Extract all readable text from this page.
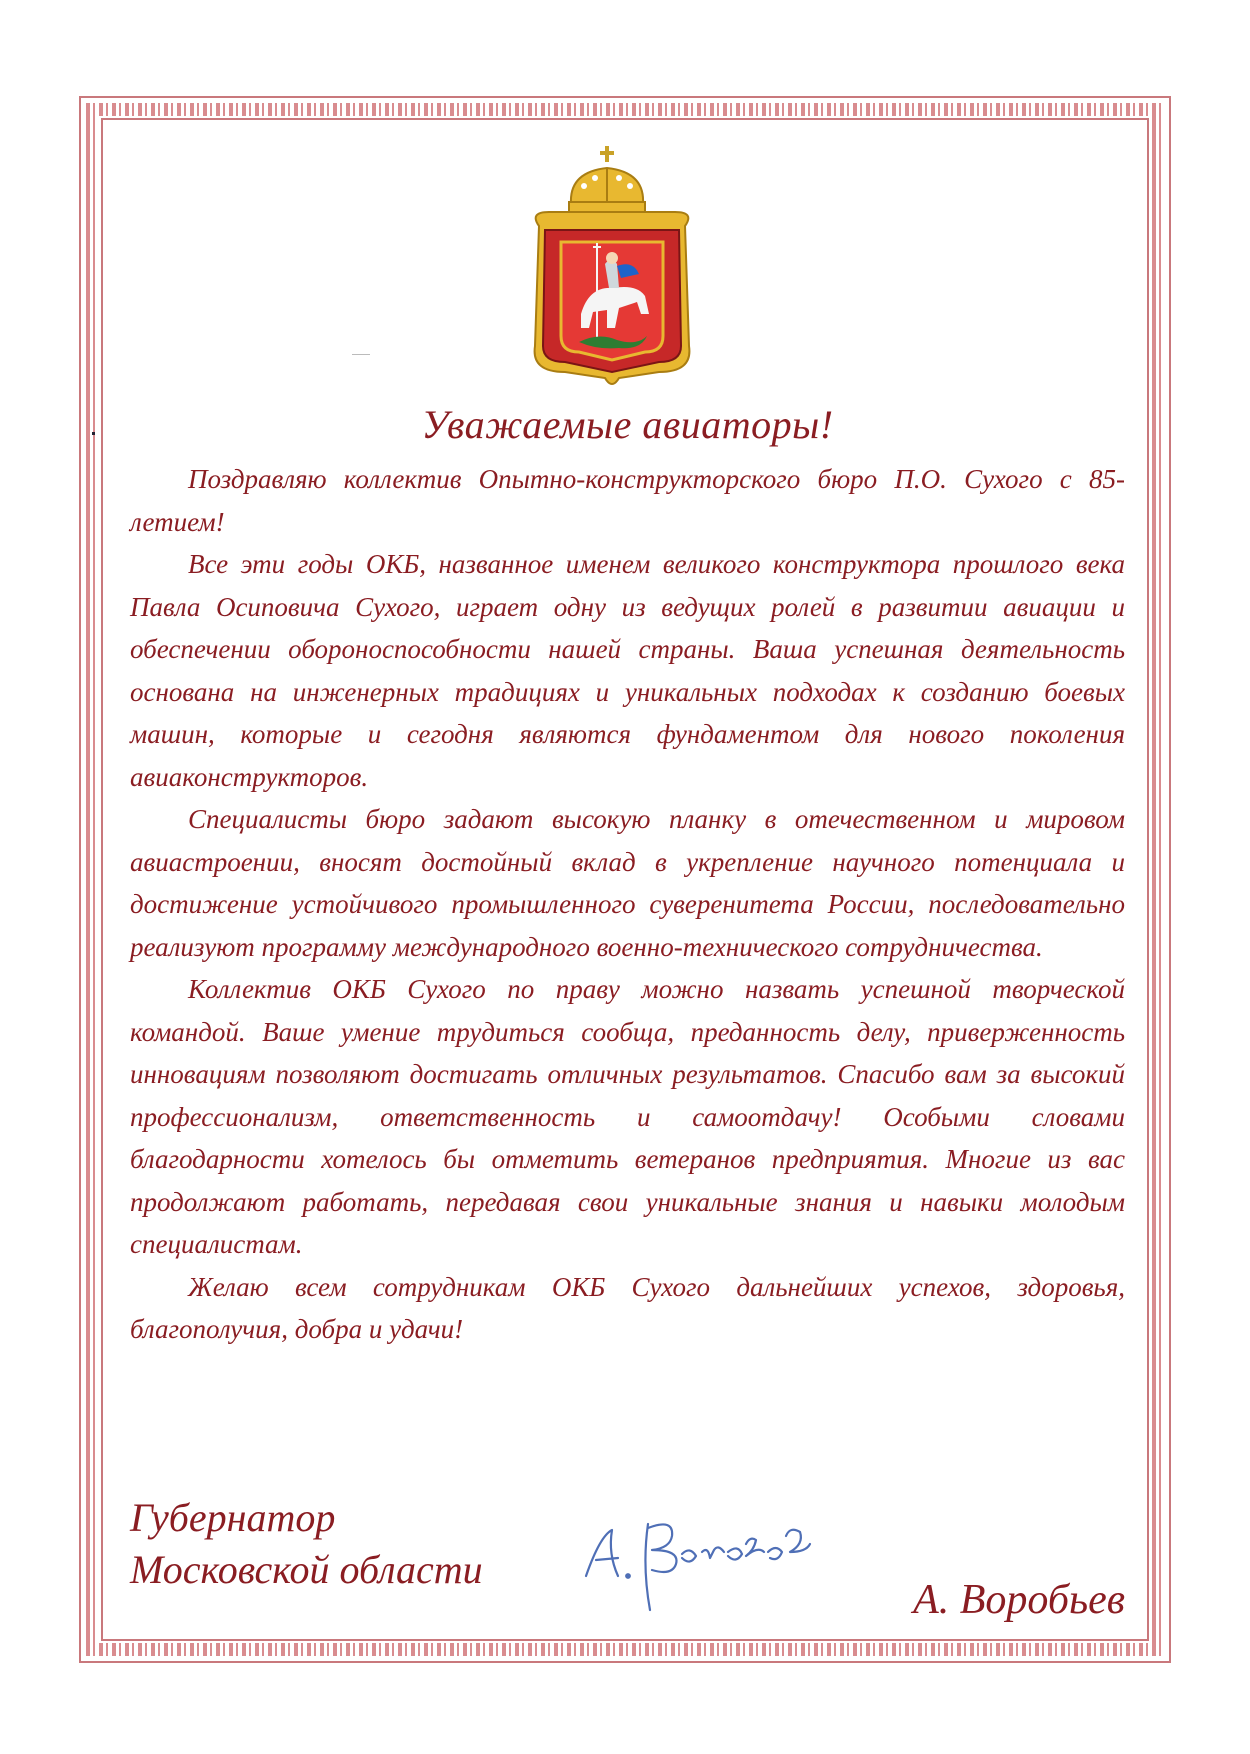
Уважаемые авиаторы!

Поздравляю коллектив Опытно-конструкторского бюро П.О. Сухого с 85-летием!

Все эти годы ОКБ, названное именем великого конструктора прошлого века Павла Осиповича Сухого, играет одну из ведущих ролей в развитии авиации и обеспечении обороноспособности нашей страны. Ваша успешная деятельность основана на инженерных традициях и уникальных подходах к созданию боевых машин, которые и сегодня являются фундаментом для нового поколения авиаконструкторов.

Специалисты бюро задают высокую планку в отечественном и мировом авиастроении, вносят достойный вклад в укрепление научного потенциала и достижение устойчивого промышленного суверенитета России, последовательно реализуют программу международного военно-технического сотрудничества.

Коллектив ОКБ Сухого по праву можно назвать успешной творческой командой. Ваше умение трудиться сообща, преданность делу, приверженность инновациям позволяют достигать отличных результатов. Спасибо вам за высокий профессионализм, ответственность и самоотдачу! Особыми словами благодарности хотелось бы отметить ветеранов предприятия. Многие из вас продолжают работать, передавая свои уникальные знания и навыки молодым специалистам.

Желаю всем сотрудникам ОКБ Сухого дальнейших успехов, здоровья, благополучия, добра и удачи!

Губернатор
Московской области
А. Воробьев
